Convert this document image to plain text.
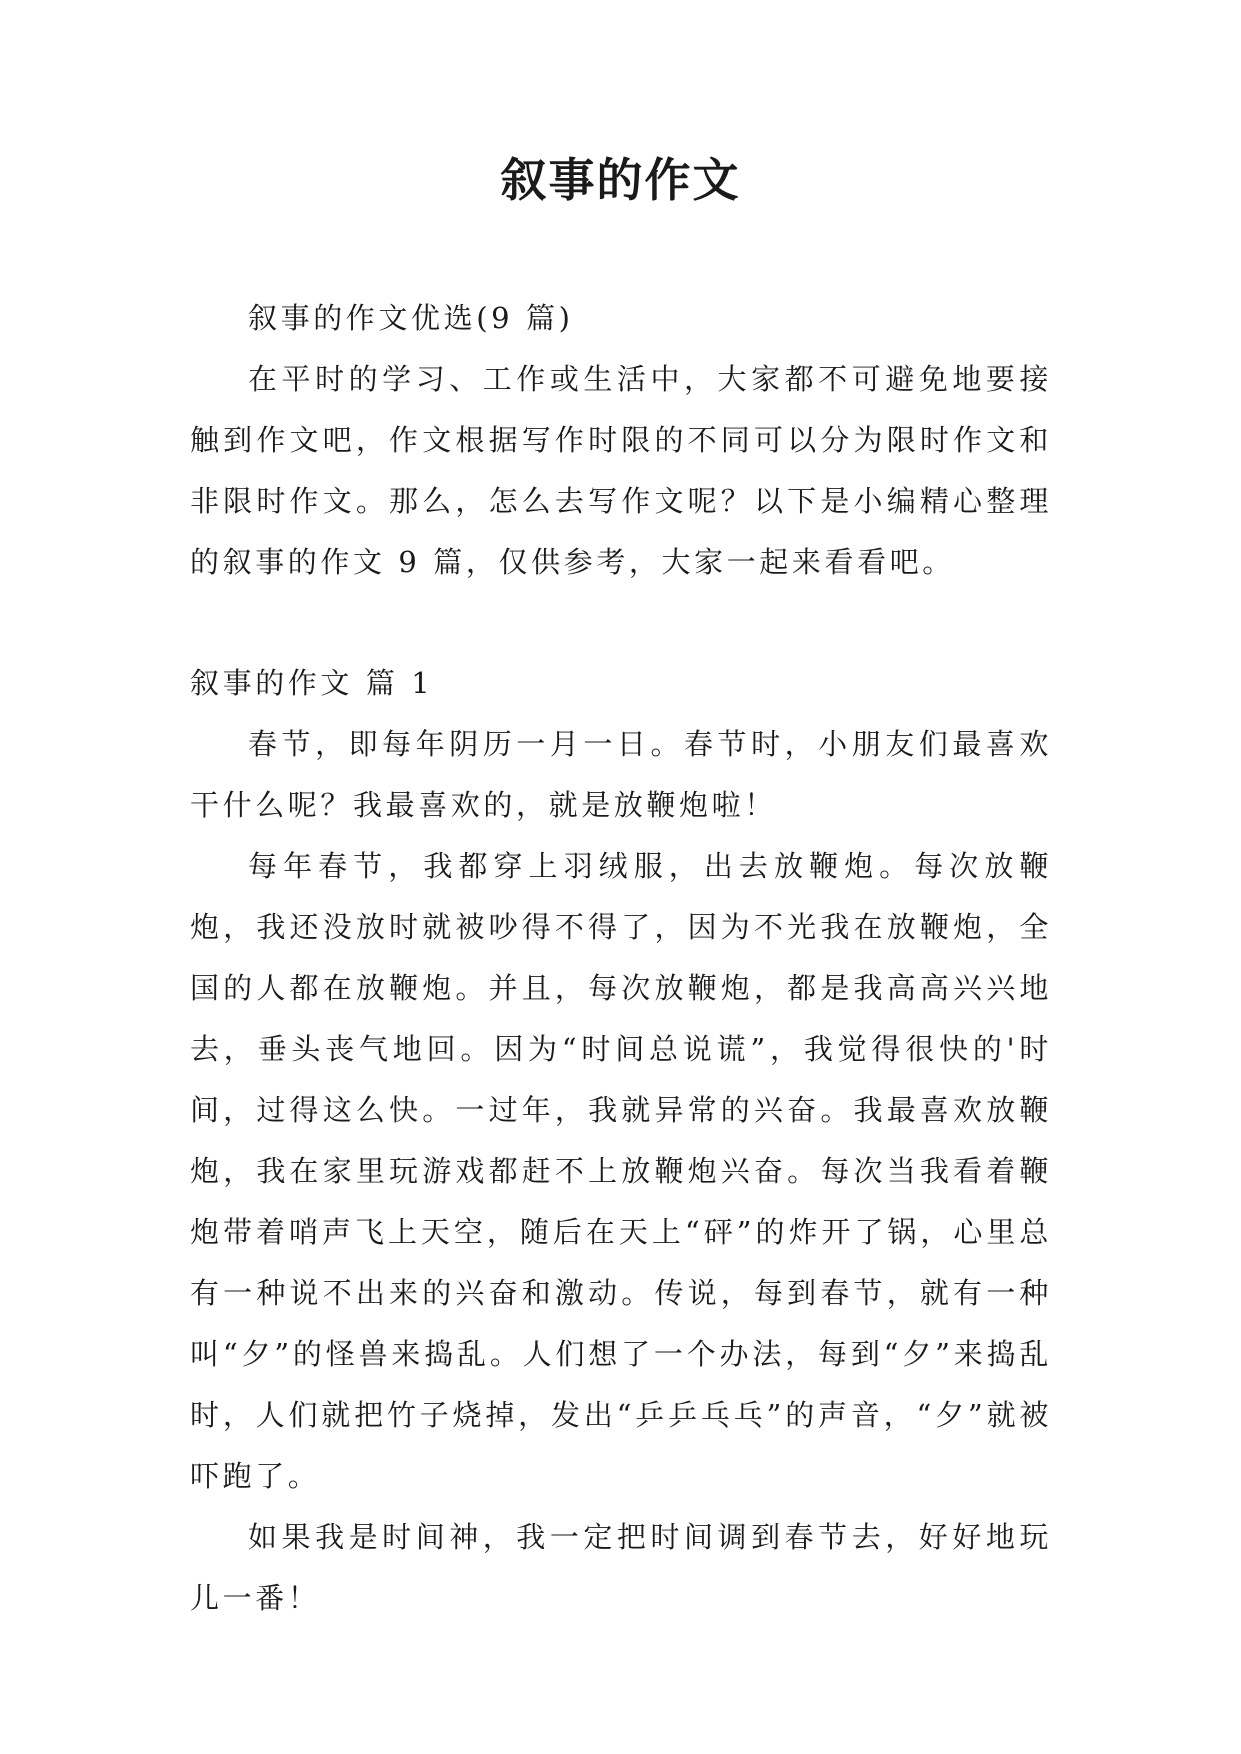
叙事的作文

叙事的作文优选(9 篇)

在平时的学习、工作或生活中，大家都不可避免地要接触到作文吧，作文根据写作时限的不同可以分为限时作文和非限时作文。那么，怎么去写作文呢？以下是小编精心整理的叙事的作文 9 篇，仅供参考，大家一起来看看吧。

叙事的作文 篇 1

春节，即每年阴历一月一日。春节时，小朋友们最喜欢干什么呢？我最喜欢的，就是放鞭炮啦！

每年春节，我都穿上羽绒服，出去放鞭炮。每次放鞭炮，我还没放时就被吵得不得了，因为不光我在放鞭炮，全国的人都在放鞭炮。并且，每次放鞭炮，都是我高高兴兴地去，垂头丧气地回。因为“时间总说谎”，我觉得很快的'时间，过得这么快。一过年，我就异常的兴奋。我最喜欢放鞭炮，我在家里玩游戏都赶不上放鞭炮兴奋。每次当我看着鞭炮带着哨声飞上天空，随后在天上“砰”的炸开了锅，心里总有一种说不出来的兴奋和激动。传说，每到春节，就有一种叫“夕”的怪兽来捣乱。人们想了一个办法，每到“夕”来捣乱时，人们就把竹子烧掉，发出“乒乒乓乓”的声音，“夕”就被吓跑了。

如果我是时间神，我一定把时间调到春节去，好好地玩儿一番！
